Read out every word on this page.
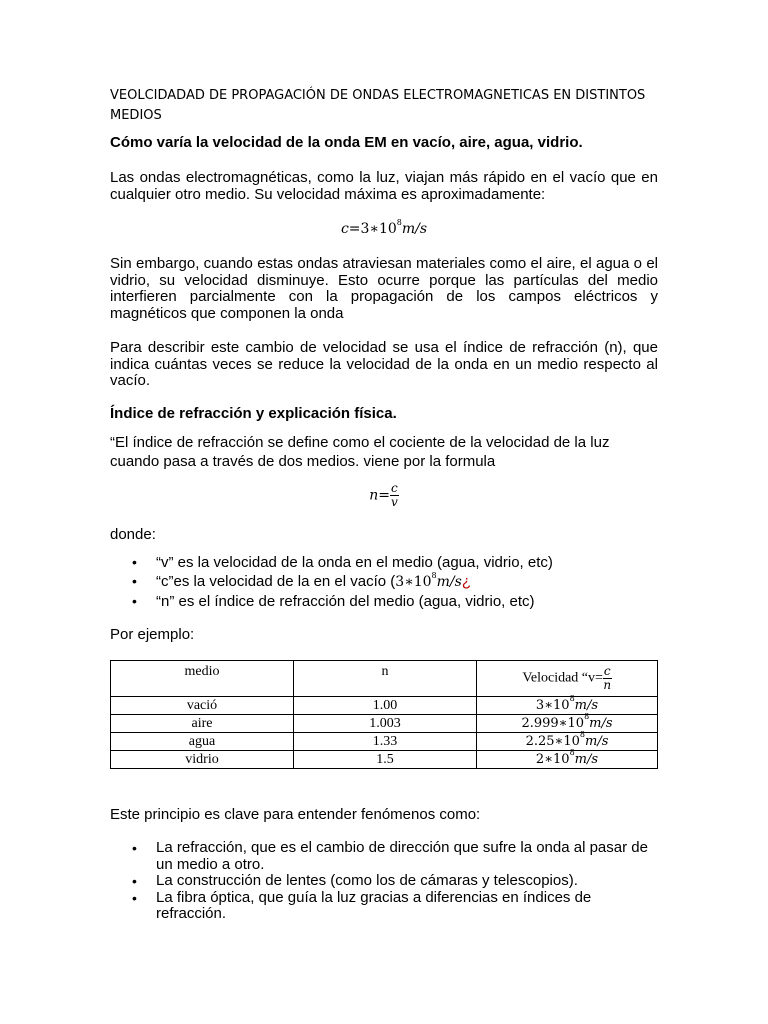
VEOLCIDADAD DE PROPAGACIÓN DE ONDAS ELECTROMAGNETICAS EN DISTINTOS MEDIOS
Cómo varía la velocidad de la onda EM en vacío, aire, agua, vidrio.

Las ondas electromagnéticas, como la luz, viajan más rápido en el vacío que en cualquier otro medio. Su velocidad máxima es aproximadamente:

$c=3∗10^8m/s$

Sin embargo, cuando estas ondas atraviesan materiales como el aire, el agua o el vidrio, su velocidad disminuye. Esto ocurre porque las partículas del medio interfieren parcialmente con la propagación de los campos eléctricos y magnéticos que componen la onda

Para describir este cambio de velocidad se usa el índice de refracción (n), que indica cuántas veces se reduce la velocidad de la onda en un medio respecto al vacío.

Índice de refracción y explicación física.

“El índice de refracción se define como el cociente de la velocidad de la luz cuando pasa a través de dos medios. viene por la formula

$n= \frac{c}{v}$
donde:
• “v” es la velocidad de la onda en el medio (agua, vidrio, etc)
• “c”es la velocidad de la en el vacío ($3∗10^8m/s¿$
• “n” es el índice de refracción del medio (agua, vidrio, etc)
Por ejemplo:
medio	n	Velocidad “$v= \frac{c}{n}$

vació	1.00	$3∗10^8m/s$
aire	1.003	$2.999∗10^8m/s$
agua	1.33	$2.25∗10^8m/s$
vidrio	1.5	$2∗10^8m/s$
Este principio es clave para entender fenómenos como:
• La refracción, que es el cambio de dirección que sufre la onda al pasar de un medio a otro.
• La construcción de lentes (como los de cámaras y telescopios).
• La fibra óptica, que guía la luz gracias a diferencias en índices de refracción.
